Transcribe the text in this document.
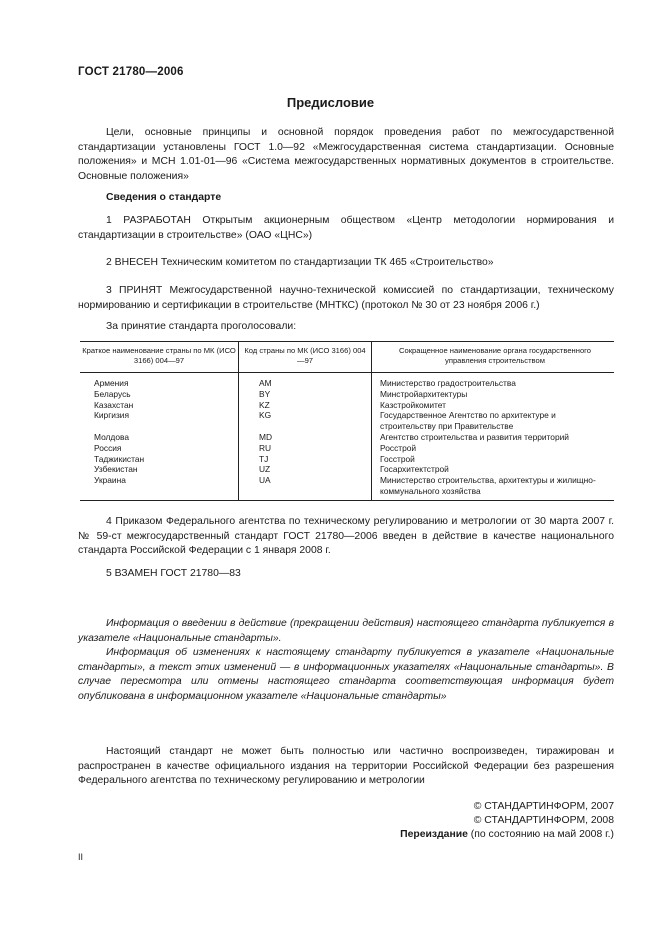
ГОСТ 21780—2006
Предисловие

Цели, основные принципы и основной порядок проведения работ по межгосударственной стандартизации установлены ГОСТ 1.0—92 «Межгосударственная система стандартизации. Основные положения» и МСН 1.01-01—96 «Система межгосударственных нормативных документов в строительстве. Основные положения»

Сведения о стандарте

1 РАЗРАБОТАН Открытым акционерным обществом «Центр методологии нормирования и стандартизации в строительстве» (ОАО «ЦНС»)

2 ВНЕСЕН Техническим комитетом по стандартизации ТК 465 «Строительство»

3 ПРИНЯТ Межгосударственной научно-технической комиссией по стандартизации, техническому нормированию и сертификации в строительстве (МНТКС) (протокол № 30 от 23 ноября 2006 г.)

За принятие стандарта проголосовали:
Краткое наименование страны по МК (ИСО 3166) 004—97	Код страны по МК (ИСО 3166) 004—97	Сокращенное наименование органа государственного управления строительством
Армения	AM	Министерство градостроительства
Беларусь	BY	Минстройархитектуры
Казахстан	KZ	Казстройкомитет
Киргизия	KG	Государственное Агентство по архитектуре и строительству при Правительстве
Молдова	MD	Агентство строительства и развития территорий
Россия	RU	Росстрой
Таджикистан	TJ	Госстрой
Узбекистан	UZ	Госархитектстрой
Украина	UA	Министерство строительства, архитектуры и жилищно-коммунального хозяйства

4 Приказом Федерального агентства по техническому регулированию и метрологии от 30 марта 2007 г. № 59-ст межгосударственный стандарт ГОСТ 21780—2006 введен в действие в качестве национального стандарта Российской Федерации с 1 января 2008 г.

5 ВЗАМЕН ГОСТ 21780—83

Информация о введении в действие (прекращении действия) настоящего стандарта публикуется в указателе «Национальные стандарты».

Информация об изменениях к настоящему стандарту публикуется в указателе «Национальные стандарты», а текст этих изменений — в информационных указателях «Национальные стандарты». В случае пересмотра или отмены настоящего стандарта соответствующая информация будет опубликована в информационном указателе «Национальные стандарты»

Настоящий стандарт не может быть полностью или частично воспроизведен, тиражирован и распространен в качестве официального издания на территории Российской Федерации без разрешения Федерального агентства по техническому регулированию и метрологии

© СТАНДАРТИНФОРМ, 2007
© СТАНДАРТИНФОРМ, 2008
Переиздание (по состоянию на май 2008 г.)
II
